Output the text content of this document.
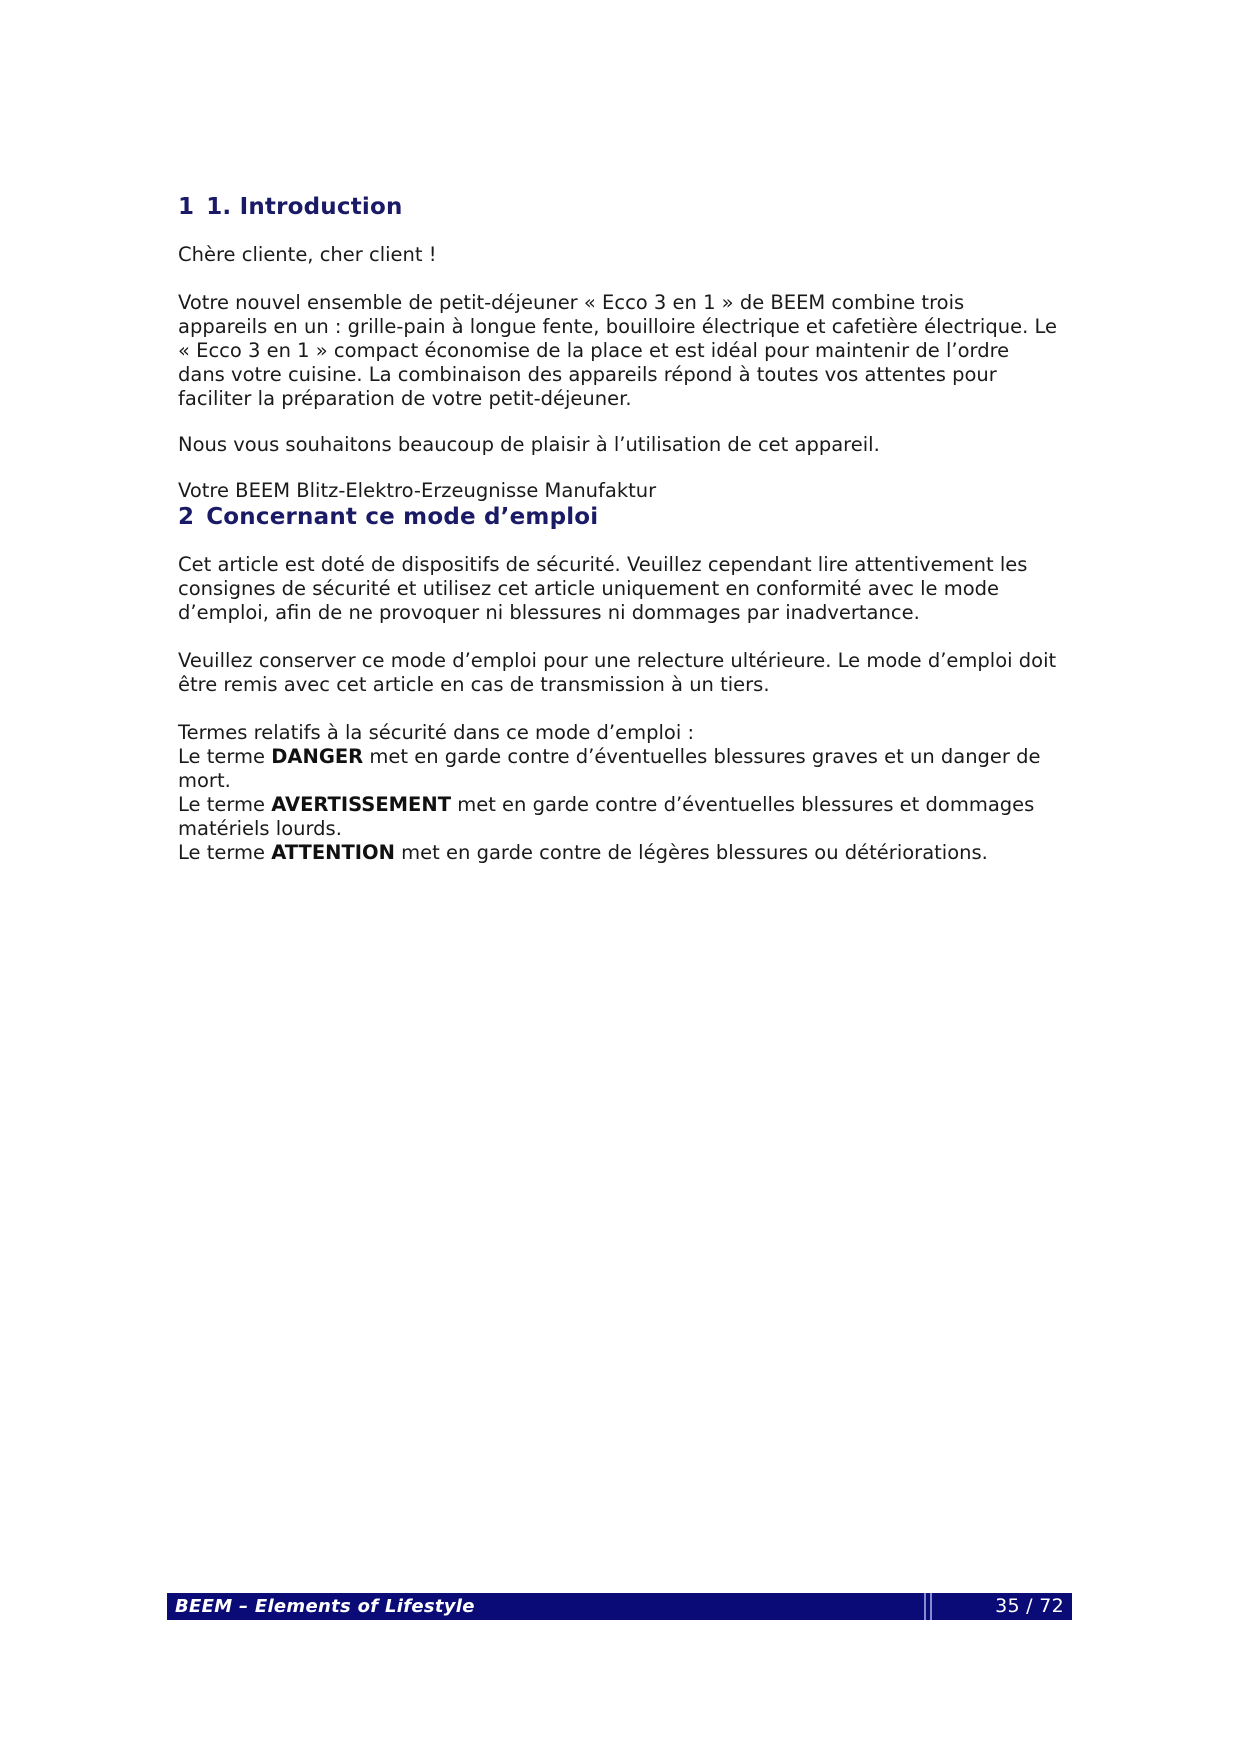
1 1. Introduction

Chère cliente, cher client !

Votre nouvel ensemble de petit-déjeuner « Ecco 3 en 1 » de BEEM combine trois

appareils en un : grille-pain à longue fente, bouilloire électrique et cafetière électrique. Le

« Ecco 3 en 1 » compact économise de la place et est idéal pour maintenir de l’ordre

dans votre cuisine. La combinaison des appareils répond à toutes vos attentes pour

faciliter la préparation de votre petit-déjeuner.

Nous vous souhaitons beaucoup de plaisir à l’utilisation de cet appareil.

Votre BEEM Blitz-Elektro-Erzeugnisse Manufaktur

2 Concernant ce mode d’emploi

Cet article est doté de dispositifs de sécurité. Veuillez cependant lire attentivement les

consignes de sécurité et utilisez cet article uniquement en conformité avec le mode

d’emploi, afin de ne provoquer ni blessures ni dommages par inadvertance.

Veuillez conserver ce mode d’emploi pour une relecture ultérieure. Le mode d’emploi doit

être remis avec cet article en cas de transmission à un tiers.

Termes relatifs à la sécurité dans ce mode d’emploi :

Le terme DANGER met en garde contre d’éventuelles blessures graves et un danger de

mort.

Le terme AVERTISSEMENT met en garde contre d’éventuelles blessures et dommages

matériels lourds.

Le terme ATTENTION met en garde contre de légères blessures ou détériorations.

BEEM – Elements of Lifestyle	35 / 72
